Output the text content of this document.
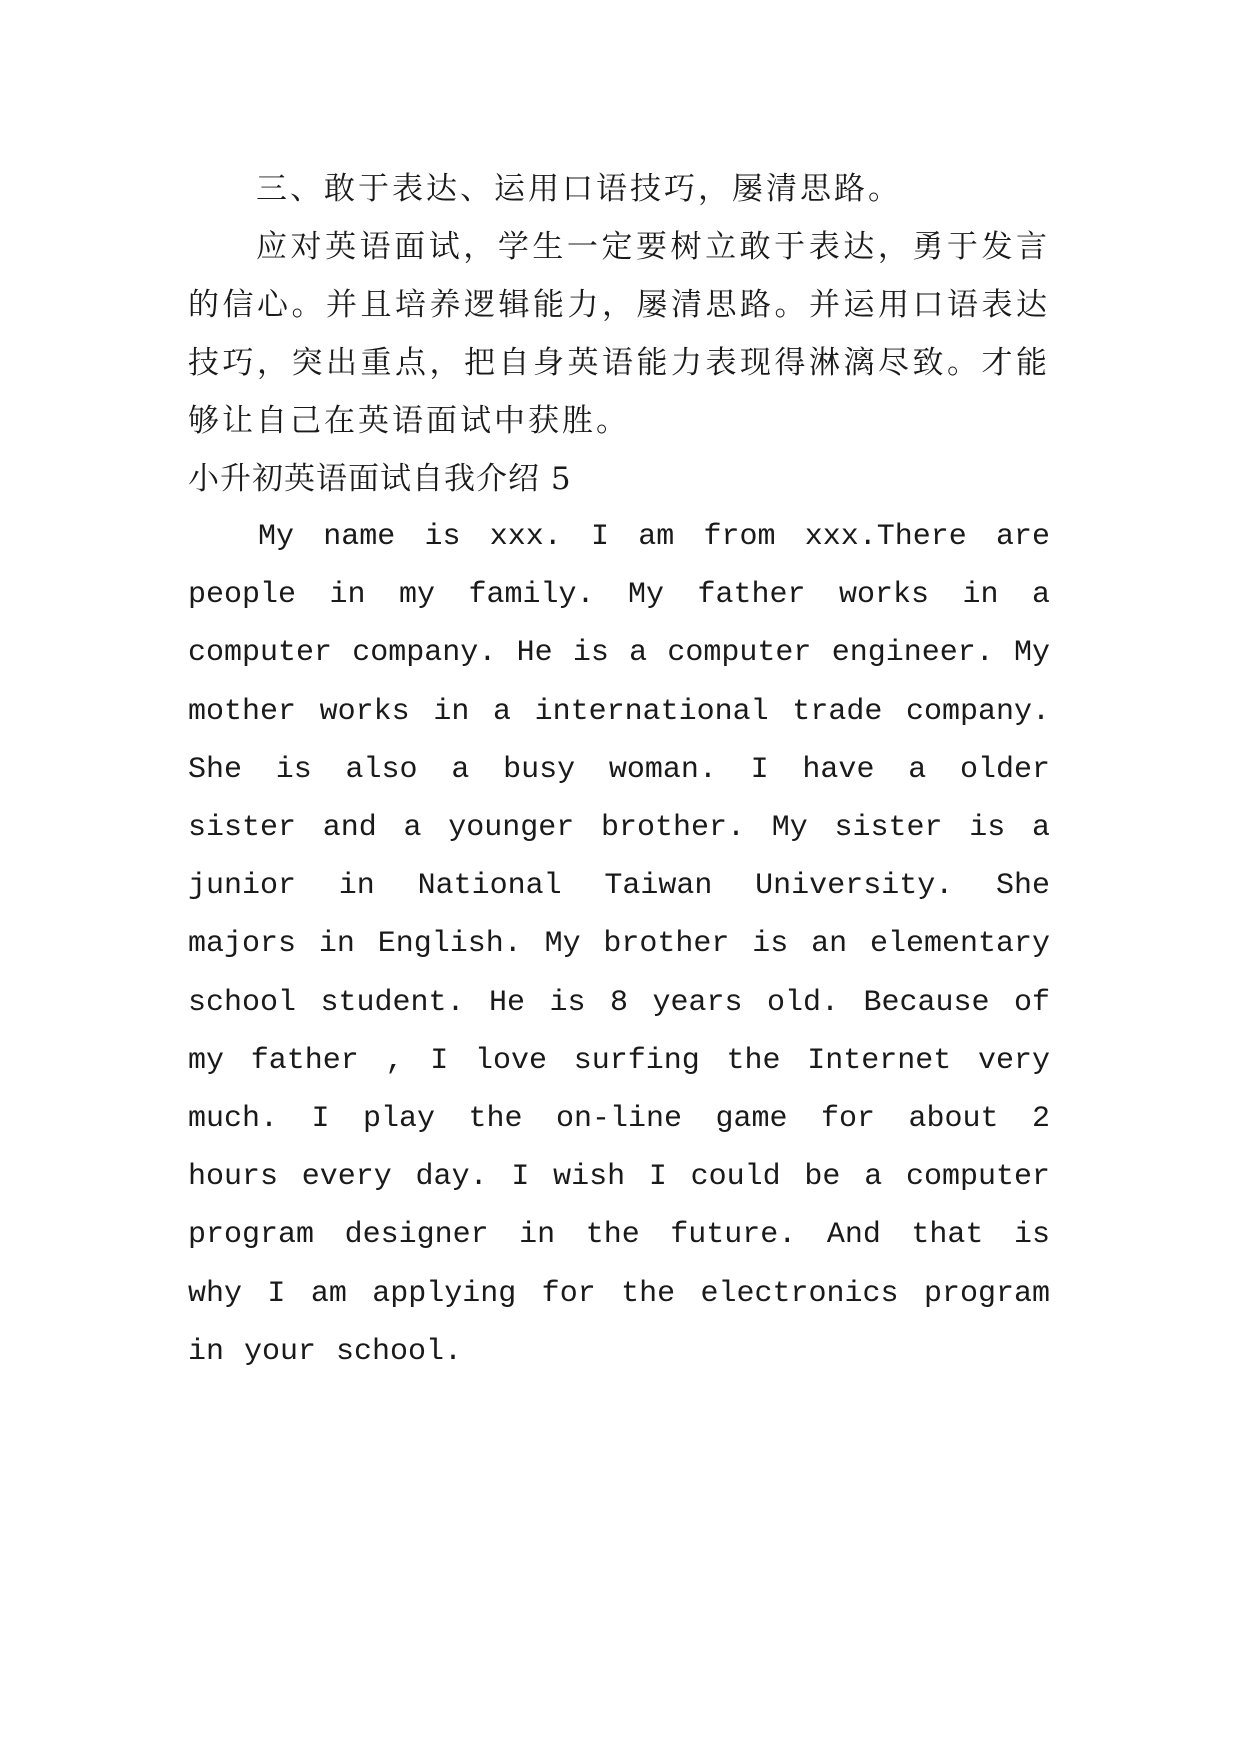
三、敢于表达、运用口语技巧，屡清思路。

应对英语面试，学生一定要树立敢于表达，勇于发言的信心。并且培养逻辑能力，屡清思路。并运用口语表达技巧，突出重点，把自身英语能力表现得淋漓尽致。才能够让自己在英语面试中获胜。

小升初英语面试自我介绍 5

My name is xxx. I am from xxx.There are people in my family. My father works in a computer company. He is a computer engineer. My mother works in a international trade company. She is also a busy woman. I have a older sister and a younger brother. My sister is a junior in National Taiwan University. She majors in English. My brother is an elementary school student. He is 8 years old. Because of my father , I love surfing the Internet very much. I play the on-line game for about 2 hours every day. I wish I could be a computer program designer in the future. And that is why I am applying for the electronics program in your school.
